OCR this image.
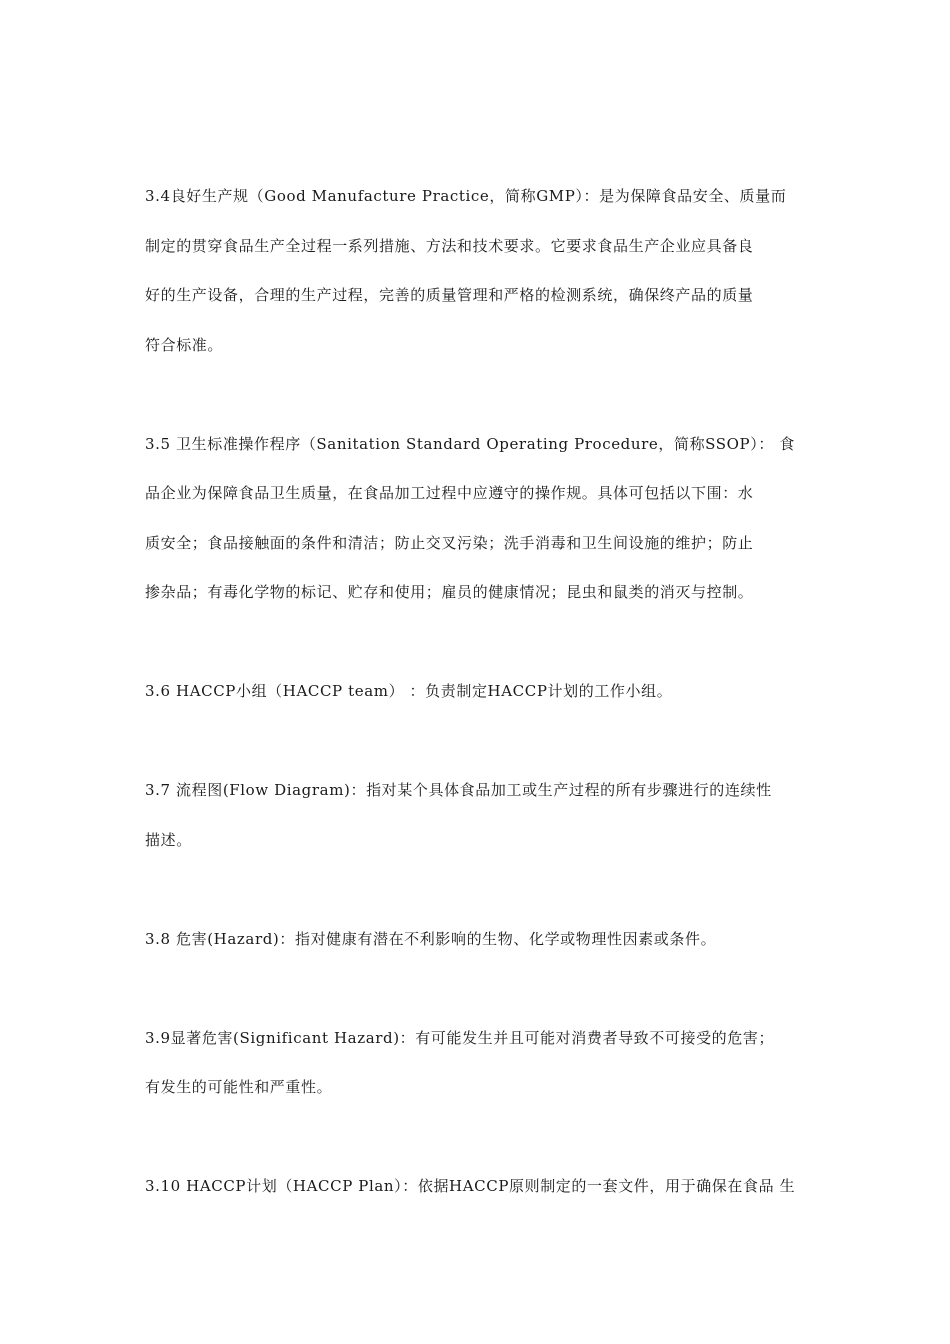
3.4良好生产规（Good Manufacture Practice，简称GMP）：是为保障食品安全、质量而
制定的贯穿食品生产全过程一系列措施、方法和技术要求。它要求食品生产企业应具备良
好的生产设备，合理的生产过程，完善的质量管理和严格的检测系统，确保终产品的质量
符合标准。
3.5 卫生标准操作程序（Sanitation Standard Operating Procedure，简称SSOP）： 食
品企业为保障食品卫生质量，在食品加工过程中应遵守的操作规。具体可包括以下围：水
质安全；食品接触面的条件和清洁；防止交叉污染；洗手消毒和卫生间设施的维护；防止
掺杂品；有毒化学物的标记、贮存和使用；雇员的健康情况；昆虫和鼠类的消灭与控制。
3.6 HACCP小组（HACCP team） ：负责制定HACCP计划的工作小组。
3.7 流程图(Flow Diagram)：指对某个具体食品加工或生产过程的所有步骤进行的连续性
描述。
3.8 危害(Hazard)：指对健康有潜在不利影响的生物、化学或物理性因素或条件。
3.9显著危害(Significant Hazard)：有可能发生并且可能对消费者导致不可接受的危害；
有发生的可能性和严重性。
3.10 HACCP计划（HACCP Plan）：依据HACCP原则制定的一套文件，用于确保在食品 生
